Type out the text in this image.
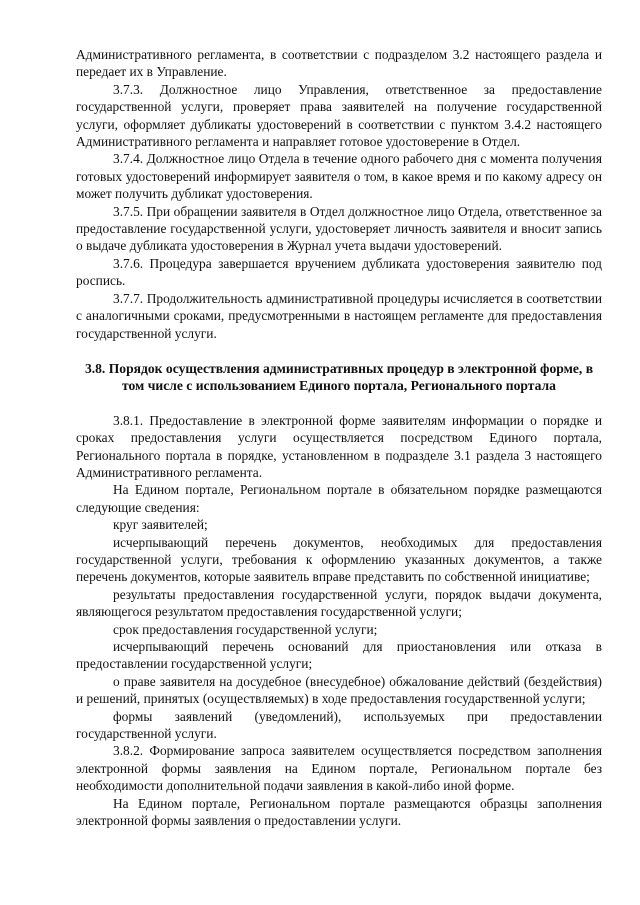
Административного регламента, в соответствии с подразделом 3.2 настоящего раздела и передает их в Управление.

3.7.3. Должностное лицо Управления, ответственное за предоставление государственной услуги, проверяет права заявителей на получение государственной услуги, оформляет дубликаты удостоверений в соответствии с пунктом 3.4.2 настоящего Административного регламента и направляет готовое удостоверение в Отдел.

3.7.4. Должностное лицо Отдела в течение одного рабочего дня с момента получения готовых удостоверений информирует заявителя о том, в какое время и по какому адресу он может получить дубликат удостоверения.

3.7.5. При обращении заявителя в Отдел должностное лицо Отдела, ответственное за предоставление государственной услуги, удостоверяет личность заявителя и вносит запись о выдаче дубликата удостоверения в Журнал учета выдачи удостоверений.

3.7.6. Процедура завершается вручением дубликата удостоверения заявителю под роспись.

3.7.7. Продолжительность административной процедуры исчисляется в соответствии с аналогичными сроками, предусмотренными в настоящем регламенте для предоставления государственной услуги.

3.8. Порядок осуществления административных процедур в электронной форме, в
том числе с использованием Единого портала, Регионального портала

3.8.1. Предоставление в электронной форме заявителям информации о порядке и сроках предоставления услуги осуществляется посредством Единого портала, Регионального портала в порядке, установленном в подразделе 3.1 раздела 3 настоящего Административного регламента.

На Едином портале, Региональном портале в обязательном порядке размещаются следующие сведения:

круг заявителей;

исчерпывающий перечень документов, необходимых для предоставления государственной услуги, требования к оформлению указанных документов, а также перечень документов, которые заявитель вправе представить по собственной инициативе;

результаты предоставления государственной услуги, порядок выдачи документа, являющегося результатом предоставления государственной услуги;

срок предоставления государственной услуги;

исчерпывающий перечень оснований для приостановления или отказа в предоставлении государственной услуги;

о праве заявителя на досудебное (внесудебное) обжалование действий (бездействия) и решений, принятых (осуществляемых) в ходе предоставления государственной услуги;

формы заявлений (уведомлений), используемых при предоставлении государственной услуги.

3.8.2. Формирование запроса заявителем осуществляется посредством заполнения электронной формы заявления на Едином портале, Региональном портале без необходимости дополнительной подачи заявления в какой-либо иной форме.

На Едином портале, Региональном портале размещаются образцы заполнения электронной формы заявления о предоставлении услуги.
